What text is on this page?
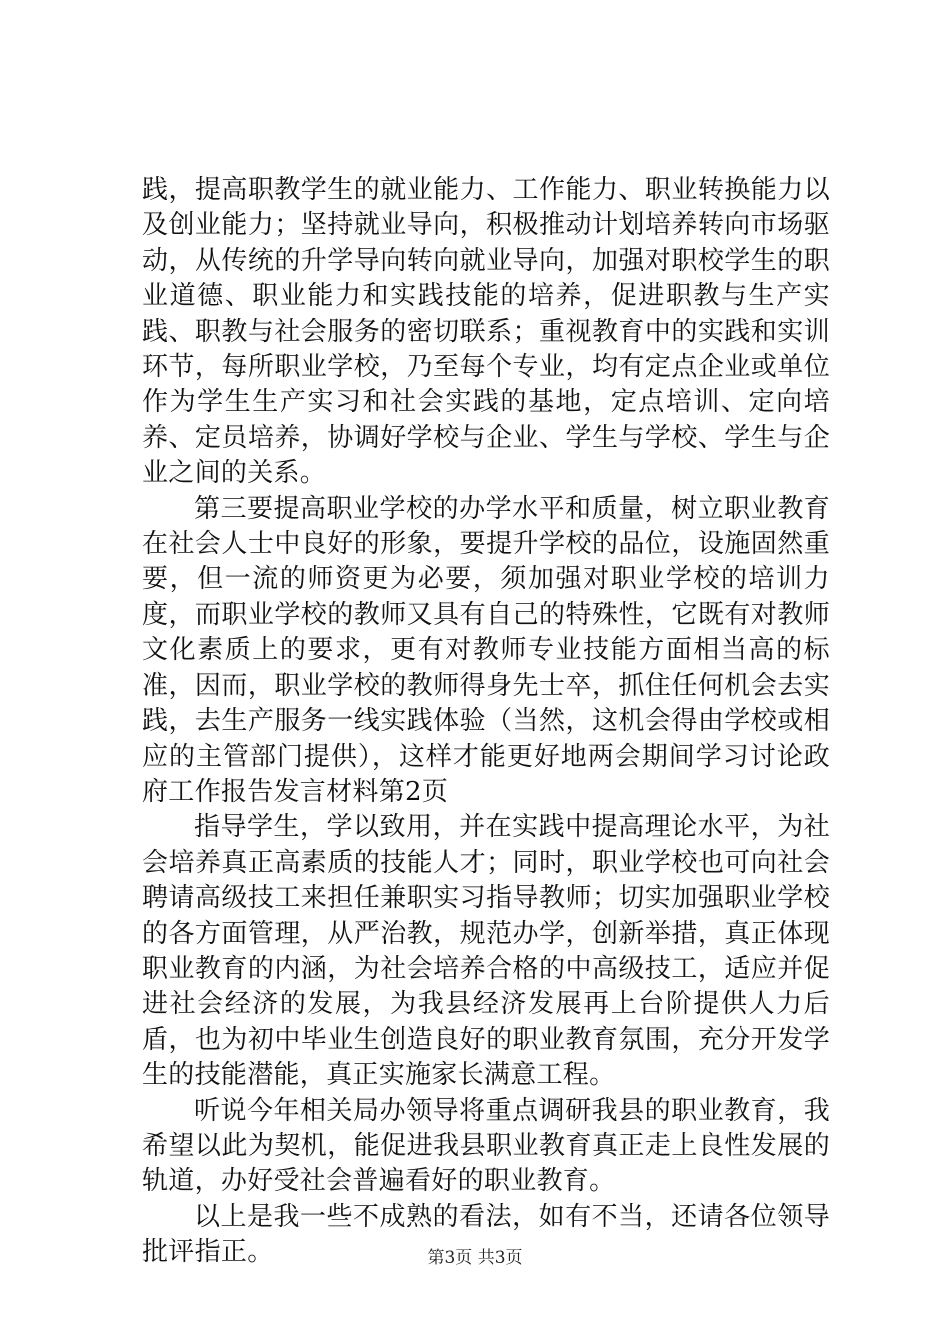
践，提高职教学生的就业能力、工作能力、职业转换能力以及创业能力；坚持就业导向，积极推动计划培养转向市场驱动，从传统的升学导向转向就业导向，加强对职校学生的职业道德、职业能力和实践技能的培养，促进职教与生产实践、职教与社会服务的密切联系；重视教育中的实践和实训环节，每所职业学校，乃至每个专业，均有定点企业或单位作为学生生产实习和社会实践的基地，定点培训、定向培养、定员培养，协调好学校与企业、学生与学校、学生与企业之间的关系。

第三要提高职业学校的办学水平和质量，树立职业教育在社会人士中良好的形象，要提升学校的品位，设施固然重要，但一流的师资更为必要，须加强对职业学校的培训力度，而职业学校的教师又具有自己的特殊性，它既有对教师文化素质上的要求，更有对教师专业技能方面相当高的标准，因而，职业学校的教师得身先士卒，抓住任何机会去实践，去生产服务一线实践体验（当然，这机会得由学校或相应的主管部门提供），这样才能更好地两会期间学习讨论政府工作报告发言材料第2页

指导学生，学以致用，并在实践中提高理论水平，为社会培养真正高素质的技能人才；同时，职业学校也可向社会聘请高级技工来担任兼职实习指导教师；切实加强职业学校的各方面管理，从严治教，规范办学，创新举措，真正体现职业教育的内涵，为社会培养合格的中高级技工，适应并促进社会经济的发展，为我县经济发展再上台阶提供人力后盾，也为初中毕业生创造良好的职业教育氛围，充分开发学生的技能潜能，真正实施家长满意工程。

听说今年相关局办领导将重点调研我县的职业教育，我希望以此为契机，能促进我县职业教育真正走上良性发展的轨道，办好受社会普遍看好的职业教育。

以上是我一些不成熟的看法，如有不当，还请各位领导批评指正。	第3页 共3页
